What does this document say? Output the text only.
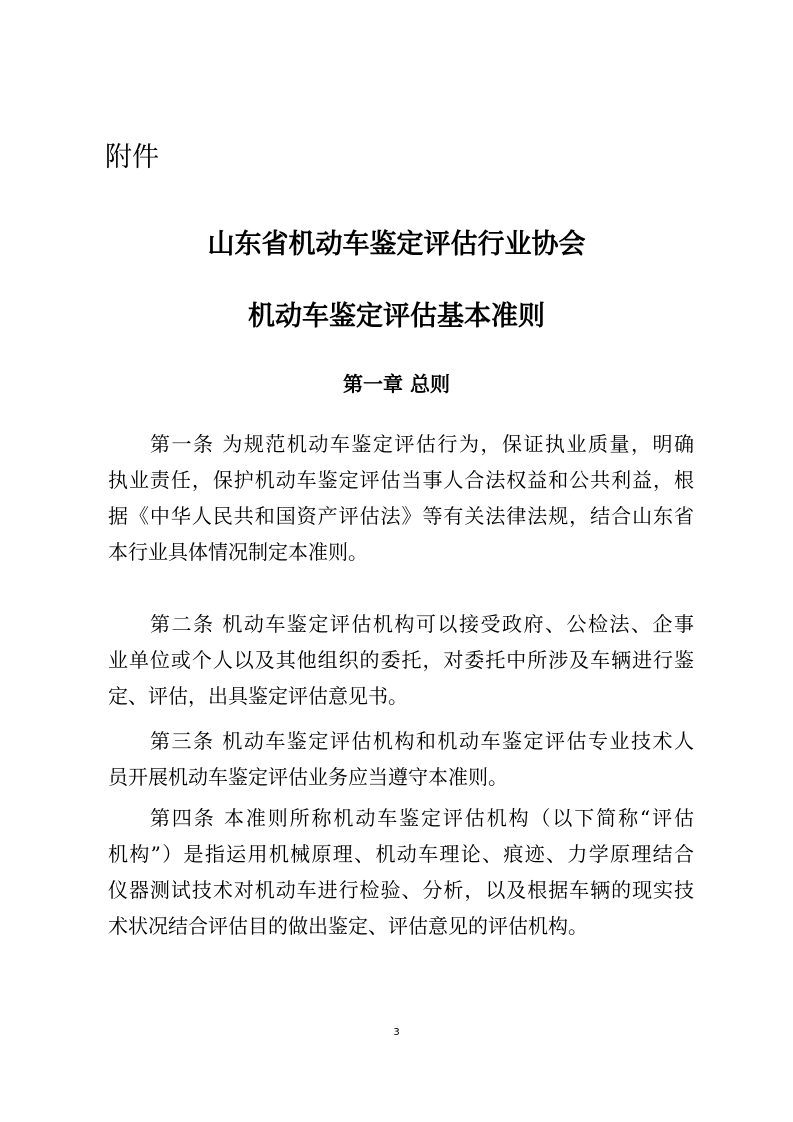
附件
山东省机动车鉴定评估行业协会
机动车鉴定评估基本准则
第一章 总则
第一条 为规范机动车鉴定评估行为，保证执业质量，明确
执业责任，保护机动车鉴定评估当事人合法权益和公共利益，根
据《中华人民共和国资产评估法》等有关法律法规，结合山东省
本行业具体情况制定本准则。
第二条 机动车鉴定评估机构可以接受政府、公检法、企事
业单位或个人以及其他组织的委托，对委托中所涉及车辆进行鉴
定、评估，出具鉴定评估意见书。
第三条 机动车鉴定评估机构和机动车鉴定评估专业技术人
员开展机动车鉴定评估业务应当遵守本准则。
第四条 本准则所称机动车鉴定评估机构（以下简称“评估
机构”）是指运用机械原理、机动车理论、痕迹、力学原理结合
仪器测试技术对机动车进行检验、分析，以及根据车辆的现实技
术状况结合评估目的做出鉴定、评估意见的评估机构。
3
